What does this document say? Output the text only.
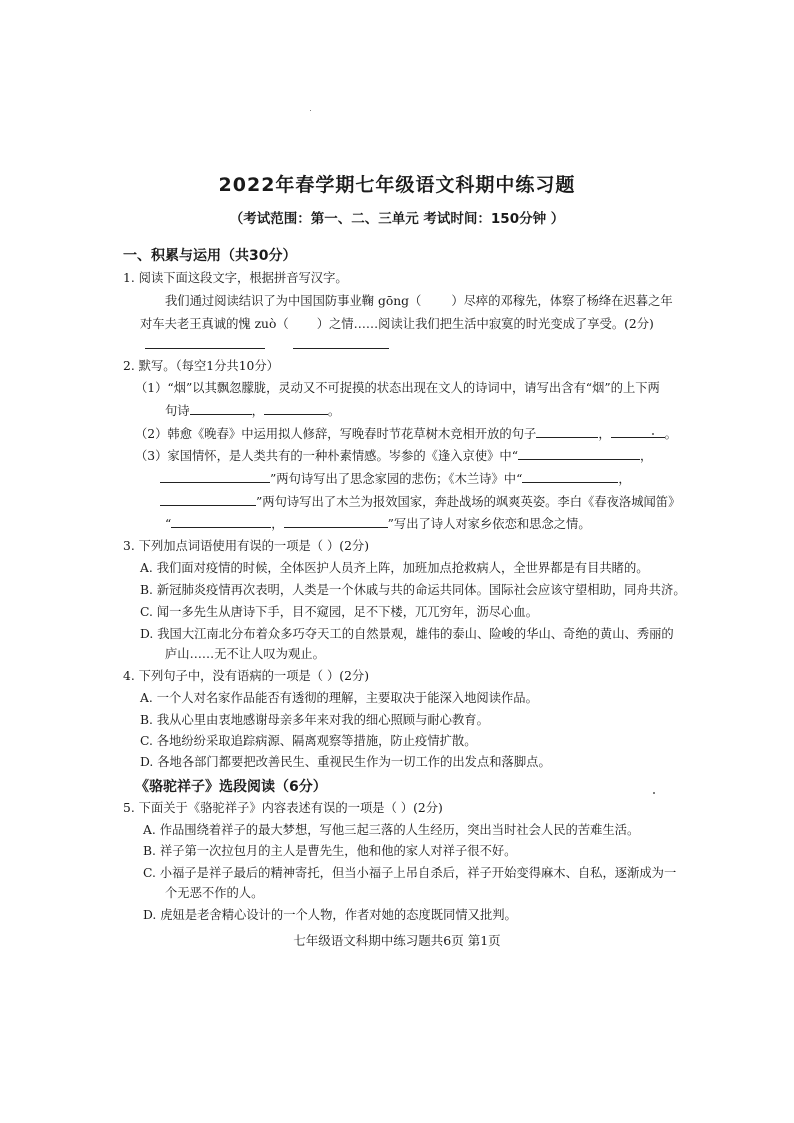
2022年春学期七年级语文科期中练习题
（考试范围：第一、二、三单元 考试时间：150分钟 ）
一、积累与运用（共30分）
1. 阅读下面这段文字，根据拼音写汉字。
我们通过阅读结识了为中国国防事业鞠 gōng（ ）尽瘁的邓稼先，体察了杨绛在迟暮之年
对车夫老王真诚的愧 zuò（ ）之情……阅读让我们把生活中寂寞的时光变成了享受。(2分)

2. 默写。（每空1分共10分）
（1）“烟”以其飘忽朦胧，灵动又不可捉摸的状态出现在文人的诗词中，请写出含有“烟”的上下两
句诗	，	。
（2）韩愈《晚春》中运用拟人修辞，写晚春时节花草树木竞相开放的句子	，	。
（3）家国情怀，是人类共有的一种朴素情感。岑参的《逢入京使》中“	，
”两句诗写出了思念家园的悲伤；《木兰诗》中“	，
”两句诗写出了木兰为报效国家，奔赴战场的飒爽英姿。李白《春夜洛城闻笛》
“	，	”写出了诗人对家乡依恋和思念之情。
3. 下列加点词语使用有误的一项是（ ）(2分)
A. 我们面对疫情的时候，全体医护人员齐上阵，加班加点抢救病人，全世界都是有目共睹的。
B. 新冠肺炎疫情再次表明，人类是一个休戚与共的命运共同体。国际社会应该守望相助，同舟共济。
C. 闻一多先生从唐诗下手，目不窥园，足不下楼，兀兀穷年，沥尽心血。
D. 我国大江南北分布着众多巧夺天工的自然景观，雄伟的泰山、险峻的华山、奇绝的黄山、秀丽的
庐山……无不让人叹为观止。
4. 下列句子中，没有语病的一项是（ ）(2分)
A. 一个人对名家作品能否有透彻的理解，主要取决于能深入地阅读作品。
B. 我从心里由衷地感谢母亲多年来对我的细心照顾与耐心教育。
C. 各地纷纷采取追踪病源、隔离观察等措施，防止疫情扩散。
D. 各地各部门都要把改善民生、重视民生作为一切工作的出发点和落脚点。
《骆驼祥子》选段阅读（6分）
5. 下面关于《骆驼祥子》内容表述有误的一项是（ ）(2分)
A. 作品围绕着祥子的最大梦想，写他三起三落的人生经历，突出当时社会人民的苦难生活。
B. 祥子第一次拉包月的主人是曹先生，他和他的家人对祥子很不好。
C. 小福子是祥子最后的精神寄托，但当小福子上吊自杀后，祥子开始变得麻木、自私，逐渐成为一
个无恶不作的人。
D. 虎妞是老舍精心设计的一个人物，作者对她的态度既同情又批判。
七年级语文科期中练习题共6页 第1页
